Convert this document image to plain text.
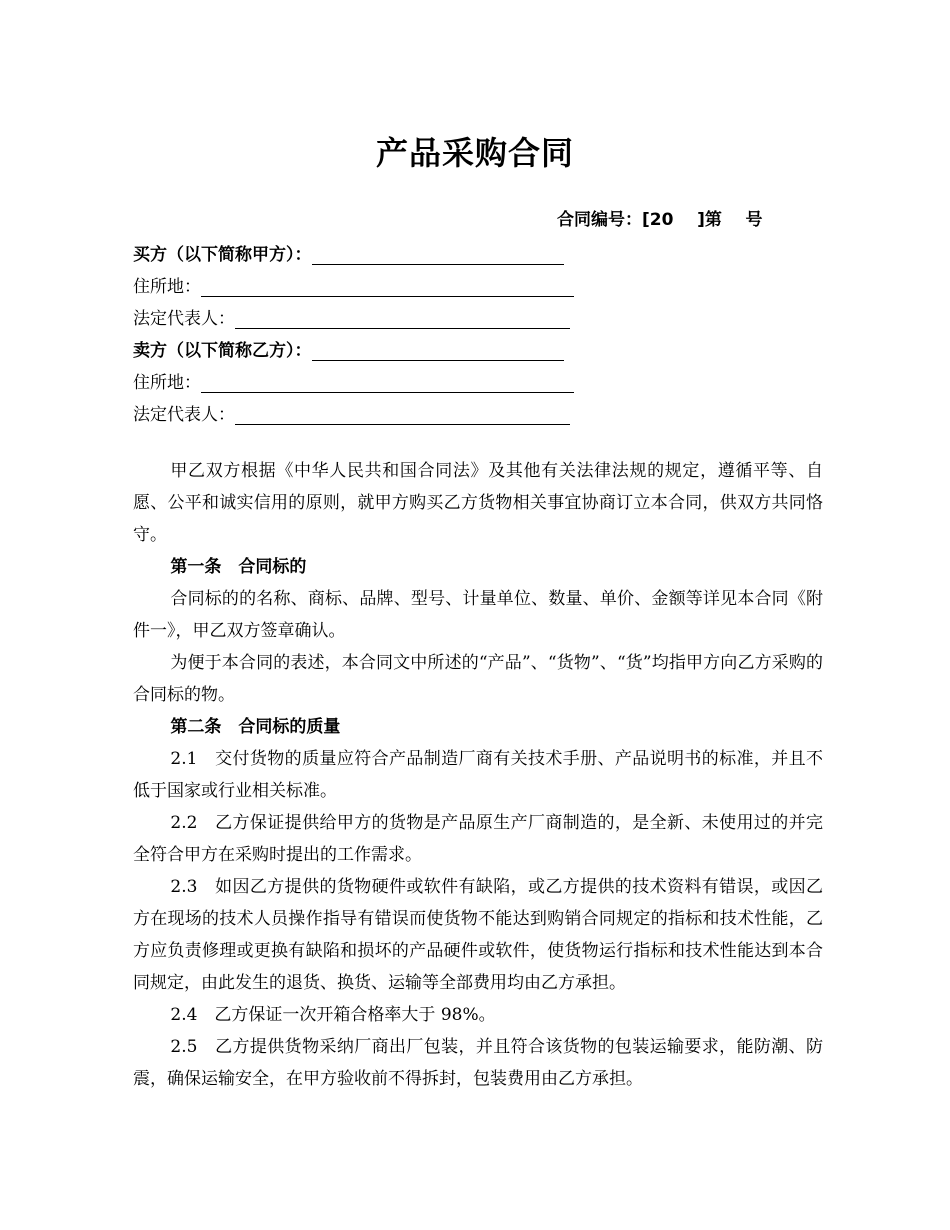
产品采购合同
合同编号：[20    ]第    号
买方（以下简称甲方）：
住所地：
法定代表人：
卖方（以下简称乙方）：
住所地：
法定代表人：

甲乙双方根据《中华人民共和国合同法》及其他有关法律法规的规定，遵循平等、自愿、公平和诚实信用的原则，就甲方购买乙方货物相关事宜协商订立本合同，供双方共同恪守。

第一条　合同标的

合同标的的名称、商标、品牌、型号、计量单位、数量、单价、金额等详见本合同《附件一》，甲乙双方签章确认。

为便于本合同的表述，本合同文中所述的“产品”、“货物”、“货”均指甲方向乙方采购的合同标的物。

第二条　合同标的质量

2.1　交付货物的质量应符合产品制造厂商有关技术手册、产品说明书的标准，并且不低于国家或行业相关标准。

2.2　乙方保证提供给甲方的货物是产品原生产厂商制造的，是全新、未使用过的并完全符合甲方在采购时提出的工作需求。

2.3　如因乙方提供的货物硬件或软件有缺陷，或乙方提供的技术资料有错误，或因乙方在现场的技术人员操作指导有错误而使货物不能达到购销合同规定的指标和技术性能，乙方应负责修理或更换有缺陷和损坏的产品硬件或软件，使货物运行指标和技术性能达到本合同规定，由此发生的退货、换货、运输等全部费用均由乙方承担。

2.4　乙方保证一次开箱合格率大于 98%。

2.5　乙方提供货物采纳厂商出厂包装，并且符合该货物的包装运输要求，能防潮、防震，确保运输安全，在甲方验收前不得拆封，包装费用由乙方承担。
